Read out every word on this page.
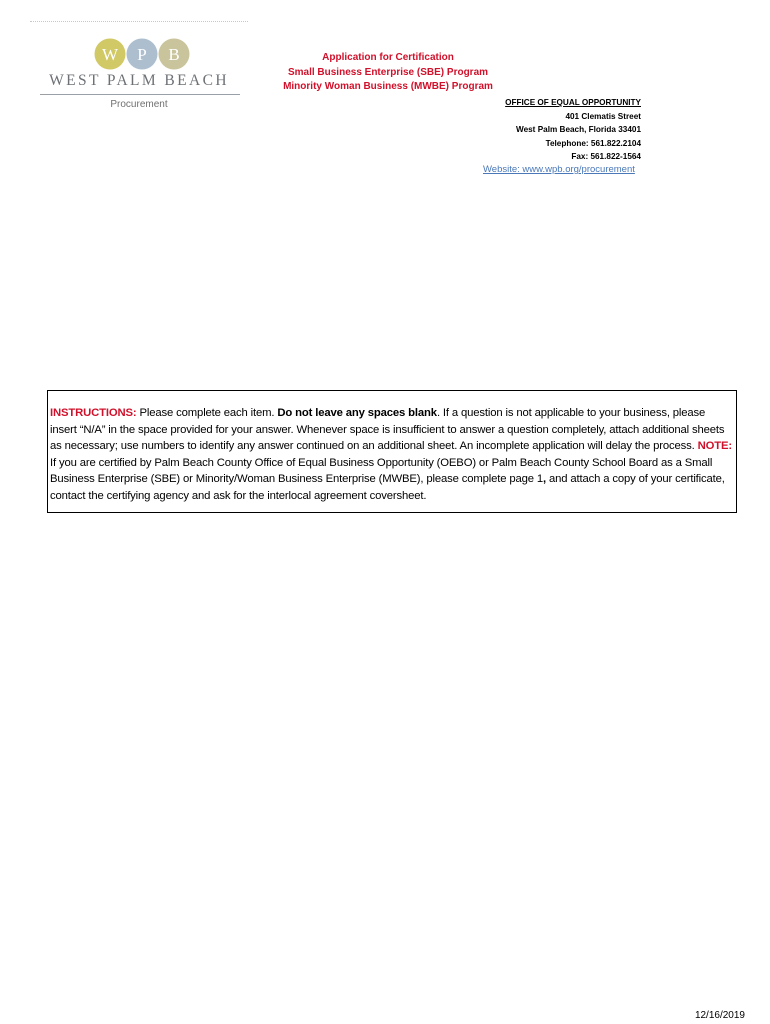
W P B
WEST PALM BEACH
Procurement
Application for Certification
Small Business Enterprise (SBE) Program
Minority Woman Business (MWBE) Program
OFFICE OF EQUAL OPPORTUNITY
401 Clematis Street
West Palm Beach, Florida 33401
Telephone: 561.822.2104
Fax: 561.822-1564
Website: www.wpb.org/procurement
INSTRUCTIONS: Please complete each item. Do not leave any spaces blank. If a question is not applicable to your business, please insert “N/A” in the space provided for your answer. Whenever space is insufficient to answer a question completely, attach additional sheets as necessary; use numbers to identify any answer continued on an additional sheet. An incomplete application will delay the process. NOTE: If you are certified by Palm Beach County Office of Equal Business Opportunity (OEBO) or Palm Beach County School Board as a Small Business Enterprise (SBE) or Minority/Woman Business Enterprise (MWBE), please complete page 1, and attach a copy of your certificate, contact the certifying agency and ask for the interlocal agreement coversheet.
12/16/2019
